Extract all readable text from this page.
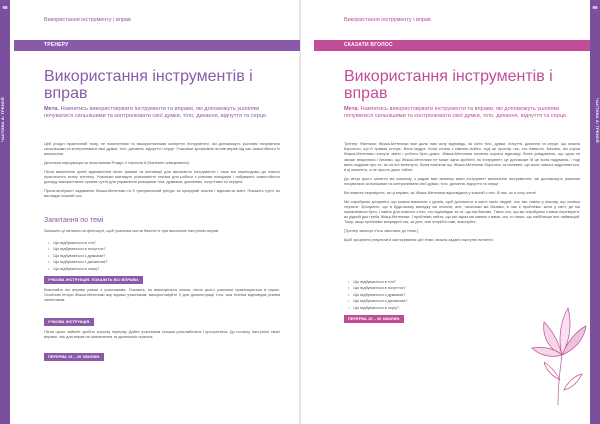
98
ЧАСТИНА 8: ТРЕНУЙ
99
ЧАСТИНА 8: ТРЕНУЙ
Використання інструменту і вправ
ТРЕНЕРУ
Використання інструментів і вправ
Мета. Навчитись використовувати інструменти та вправи, які допоможуть ушпілям почуватися сильнішими та контролювати свої думки, тіло, дихання, відчуття та серце.

Цей розділ практичний тому, не поясненням та використаннями конкретні інструменти, які допоможуть ушпілям почуватися сильнішими та контролювати свої думки, тіло, дихання, відчуття і серце. Учасники зрозуміють вплив вправ під час самостійного їх виконання.

Детальна інформація за посиланням Розділ 4 Частина 8 (Напевне олівцевання).

Після виконання цілей відновлення після травми та мотивації для виконання інструменти і тоже ми переходимо до нового практичного етапу тренінгу. Учасники матимуть різноманітні техніки для роботи з різними емоціями і набувають самостійного досвіду використання органів чуття для управління реакціями тіла, думками, диханням, почуттями та серцем.

Прочитати/ушпіт задавання Жіжки-Метелики та її тренувальний ресурс за приєднай аналізі і відповісти маєт. Покажіть групі, як виглядає кожний ось.

Запитання по темі

Запишіть ці питання на фліпчарті, щоб учасники могли бачити їх при виконанні наступних вправ.

• Що відбувається в тілі?
• Що відбувається в почуттях?
• Що відбувається з думками?
• Що відбувається з диханням?
• Що відбувається в серці?
УЧБОВА ІНСТРУКЦІЯ. ПОКАЖІТЬ ВСІ ВПРАВИ.

Виконайте всі вправи разом з учасниками. Покажіть, як виконуються кожна, після цього учасники практикуються в парах. Особливі інтори Жіжки-Метелики яку відомо учасникам, використовуйте її для демонстрації того, яка техніка відповідає різним симптомам.

УЧБОВА ІНСТРУКЦІЯ.

Після цього займіте зробіть коротку перерву. Дайте учасникам трошки розслабитися і прогулятися. До початку наступної своєї вправи, час для вправ на заземлення та дихальних практик.

ПЕРЕРВА 15 – 20 ХВИЛИН.
Використання інструменту і вправ
СКАЗАТИ ВГОЛОС
Використання інструментів і вправ
Мета. Навчитись використовувати інструменти та вправи, які допоможуть ушпілям почуватися сильнішими та контролювати свої думки, тіло, дихання, відчуття та серце.

Тренер: Фантазія: Жіжка-Метелики вже дала нам ясну відповідь, як сісти тіло, думки, почуття, дихання та серце, що можна боротися, що й травма оточує. Вона мудра. Коли хочеш з кімнати вийти, тоді це простір тих, хто навколо. Бачимо, які сцени Жіжка-Метелики погнути зміни і роботи бути довго. Жіжка-Метелики починає шукати відповіді. Вона усвідомлює, що одна не зможе впоратися і бачимо, що Жіжка-Метелики не може одна зробити, як інструмент, це допоможе їй це вона подумала, і тоді вона подумає про те, як на неї вплинуло. Вона пам'ятає що Жіжка-Метелики боротись та напевне, що вона чимось відрізняється, в ці моменти, а не просто дано тобою.

До кінця цього заняття ми кожному з рядків вже можемо мати інструмент виконання інструментів, які допоможуть ушпілям почуватися сильнішими та контролювати свої думки, тіло, дихання, відчуття та серце.

Ви повинні перевірити, як ці вправи, як Жіжка-Метелики відповідала у кожний з них. В нас, як я хочу жити!

Ми спробуємо зрозуміти, що можна виконати з уроків, щоб допомогти в житті своїх людей, ось так, навіть у іншому, що хочемо слухати. Зрозуміло, що в будь-якому випадку ми почали, але, наскільки ми бачимо, в нас є проблема: жити у світі, де ми намагаємося бути, і навіть для кожного з нас, хто відповідає за те, що ми бачимо. Таких ось, що ми спробуємо з вами перевірити, як рідний дім треба Жіжці-Метелики. І проблеми найти, що ми зараз ми маємо з вами, ось то наше, що найбільше все найвищий. Тому, якщо проблеми всередині так, як діти, але потрібні самі, виконуйте.

[Тренер записує п'ять запитань до теми.]

Щоб зрозуміти результати застосування цієї теми, можна задати наступні питання:

• Що відбувається в тілі?
• Що відбувається в почуттях?
• Що відбувається з думками?
• Що відбувається з диханням?
• Що відбувається в серці?
ПЕРЕРВА 15 – 20 ХВИЛИН.
